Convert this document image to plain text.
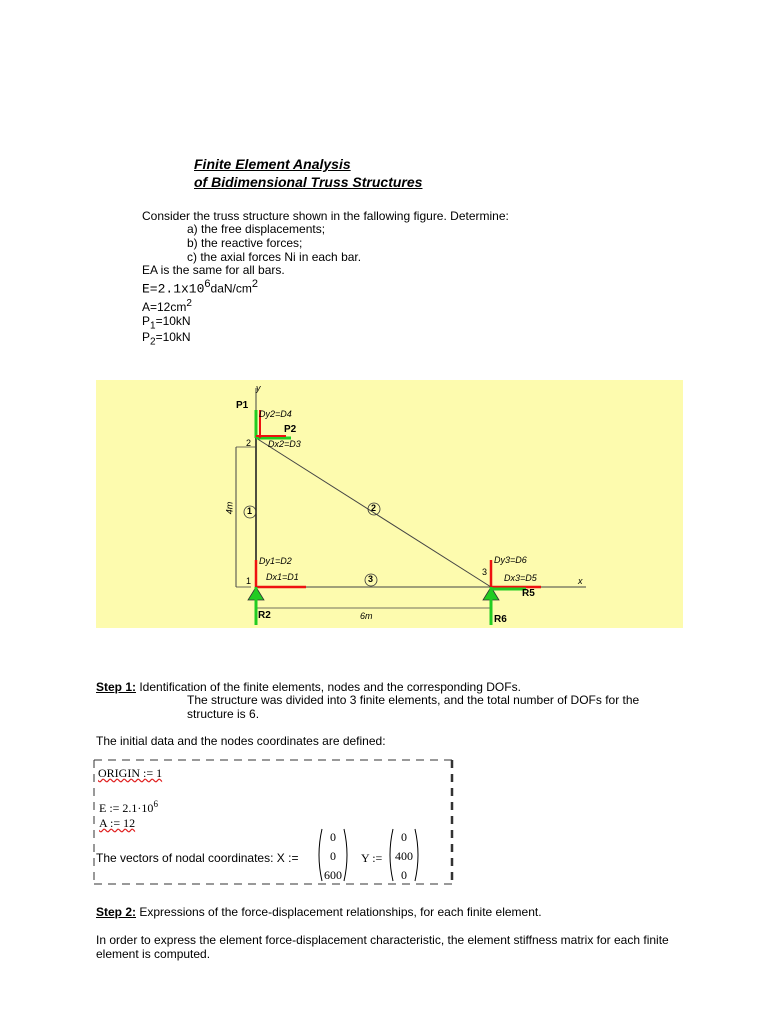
Finite Element Analysis
of Bidimensional Truss Structures
Consider the truss structure shown in the fallowing figure. Determine:
a) the free displacements;
b) the reactive forces;
c) the axial forces Ni in each bar.
EA is the same for all bars.
$E=2.1x10^6daN/cm^2$
$A=12cm^2$
$P_1=10kN$
$P_2=10kN$
y
P1
Dy2=D4
P2
2 Dx2=D3
4m 1	2
Dy1=D2
Dx1=D1
1	3
3
Dy3=D6
Dx3=D5	x
R5
R2	6m	R6
Step 1: Identification of the finite elements, nodes and the corresponding DOFs.
The structure was divided into 3 finite elements, and the total number of DOFs for the
structure is 6.
The initial data and the nodes coordinates are defined:
ORIGIN := 1
E := $2.1\cdot 10^6$
A := 12
The vectors of nodal coordinates: X :=
0
0
600
Y :=
0
400
0
Step 2: Expressions of the force-displacement relationships, for each finite element.
In order to express the element force-displacement characteristic, the element stiffness matrix for each finite
element is computed.
